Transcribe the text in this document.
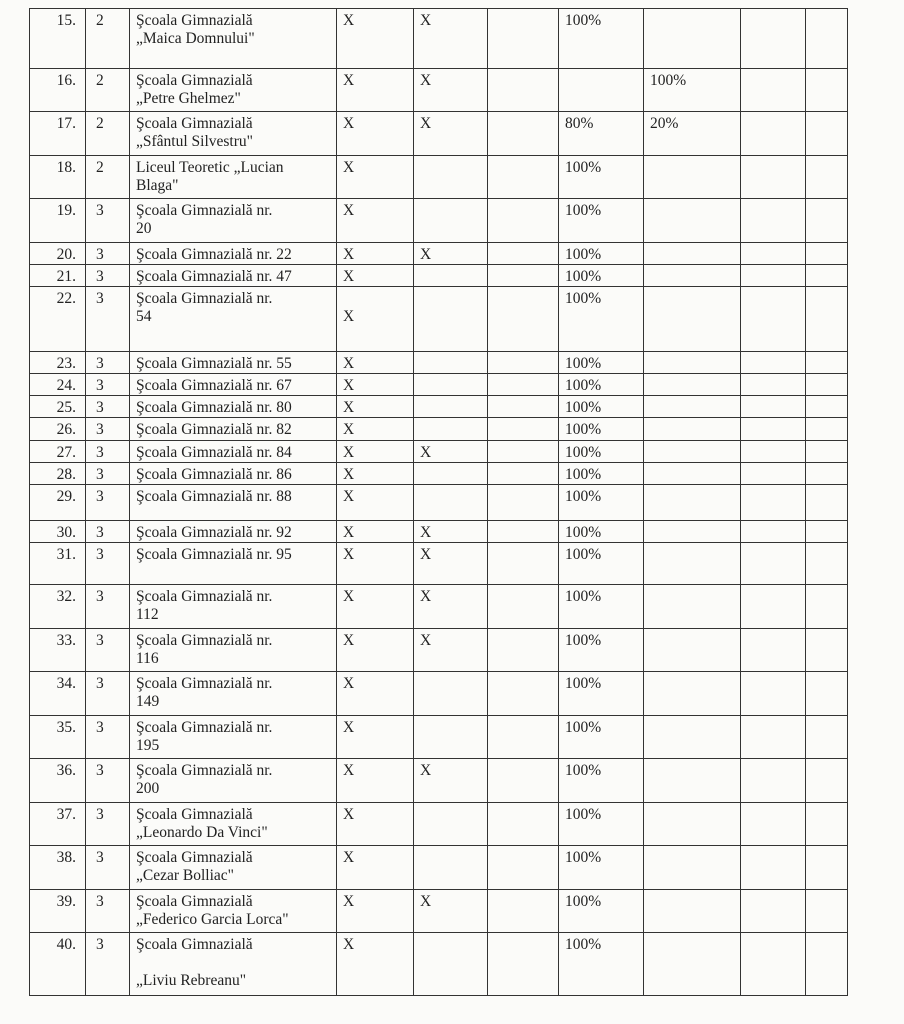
15.	2	Şcoala Gimnazială
„Maica Domnului"	X	X		100%			
16.	2	Şcoala Gimnazială
„Petre Ghelmez"	X	X			100%		
17.	2	Şcoala Gimnazială
„Sfântul Silvestru"	X	X		80%	20%		
18.	2	Liceul Teoretic „Lucian
Blaga"	X			100%			
19.	3	Şcoala Gimnazială nr.
20	X			100%			
20.	3	Şcoala Gimnazială nr. 22	X	X		100%			
21.	3	Şcoala Gimnazială nr. 47	X			100%			
22.	3	Şcoala Gimnazială nr.
54	
X			100%			
23.	3	Şcoala Gimnazială nr. 55	X			100%			
24.	3	Şcoala Gimnazială nr. 67	X			100%			
25.	3	Şcoala Gimnazială nr. 80	X			100%			
26.	3	Şcoala Gimnazială nr. 82	X			100%			
27.	3	Şcoala Gimnazială nr. 84	X	X		100%			
28.	3	Şcoala Gimnazială nr. 86	X			100%			
29.	3	Şcoala Gimnazială nr. 88	X			100%			
30.	3	Şcoala Gimnazială nr. 92	X	X		100%			
31.	3	Şcoala Gimnazială nr. 95	X	X		100%			
32.	3	Şcoala Gimnazială nr.
112	X	X		100%			
33.	3	Şcoala Gimnazială nr.
116	X	X		100%			
34.	3	Şcoala Gimnazială nr.
149	X			100%			
35.	3	Şcoala Gimnazială nr.
195	X			100%			
36.	3	Şcoala Gimnazială nr.
200	X	X		100%			
37.	3	Şcoala Gimnazială
„Leonardo Da Vinci"	X			100%			
38.	3	Şcoala Gimnazială
„Cezar Bolliac"	X			100%			
39.	3	Şcoala Gimnazială
„Federico Garcia Lorca"	X	X		100%			
40.	3	Şcoala Gimnazială

„Liviu Rebreanu"	X			100%			
